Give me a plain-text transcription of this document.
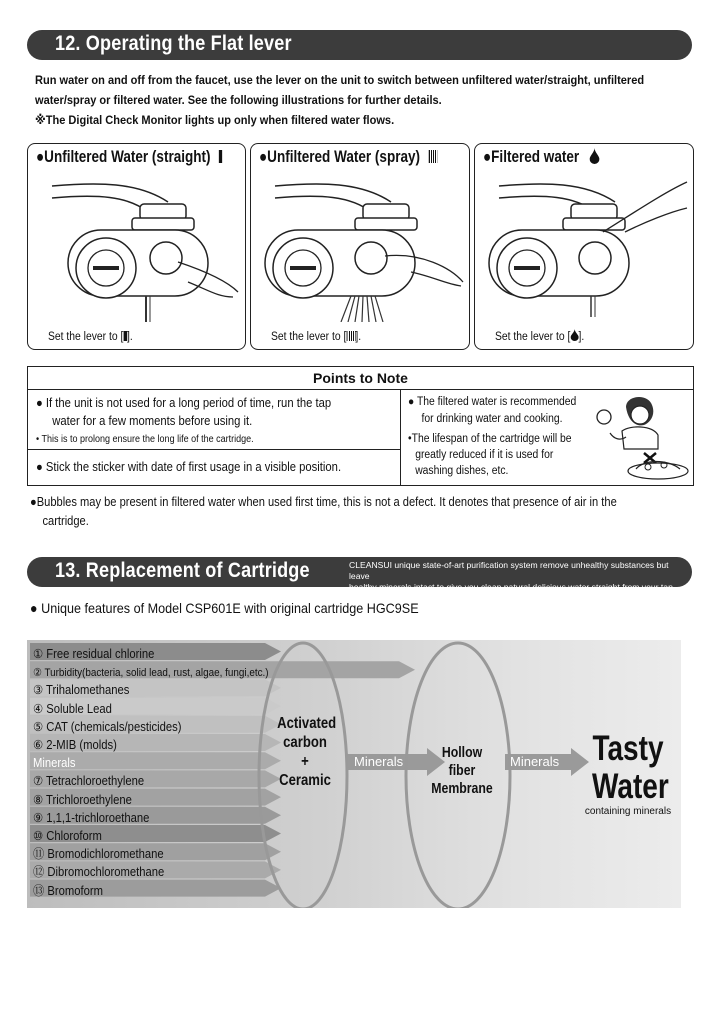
12. Operating the Flat lever
Run water on and off from the faucet, use the lever on the unit to switch between unfiltered water/straight, unfiltered
water/spray or filtered water. See the following illustrations for further details.
※The Digital Check Monitor lights up only when filtered water flows.
●Unfiltered Water (straight)
Set the lever to [ ].
●Unfiltered Water (spray)
Set the lever to [ ].
●Filtered water
Set the lever to [ ].
Points to Note
● If the unit is not used for a long period of time, run the tap
water for a few moments before using it.
• This is to prolong ensure the long life of the cartridge.
● Stick the sticker with date of first usage in a visible position.
● The filtered water is recommended
for drinking water and cooking.
•The lifespan of the cartridge will be
greatly reduced if it is used for
washing dishes, etc.
●Bubbles may be present in filtered water when used first time, this is not a defect. It denotes that presence of air in the
cartridge.
13. Replacement of Cartridge	CLEANSUI unique state-of-art purification system remove unhealthy substances but leave
healthy minerals intact to give you clean natural delicious water straight from your tap.
● Unique features of Model CSP601E with original cartridge HGC9SE
① Free residual chlorine
② Turbidity(bacteria, solid lead, rust, algae, fungi,etc.)
③ Trihalomethanes
④ Soluble Lead
⑤ CAT (chemicals/pesticides)
⑥ 2-MIB (molds)
Minerals
⑦ Tetrachloroethylene
⑧ Trichloroethylene
⑨ 1,1,1-trichloroethane
⑩ Chloroform
⑪ Bromodichloromethane
⑫ Dibromochloromethane
⑬ Bromoform
Activated
carbon
+
Ceramic
Minerals
Hollow fiber
Membrane
Minerals Tasty
Water
containing minerals
